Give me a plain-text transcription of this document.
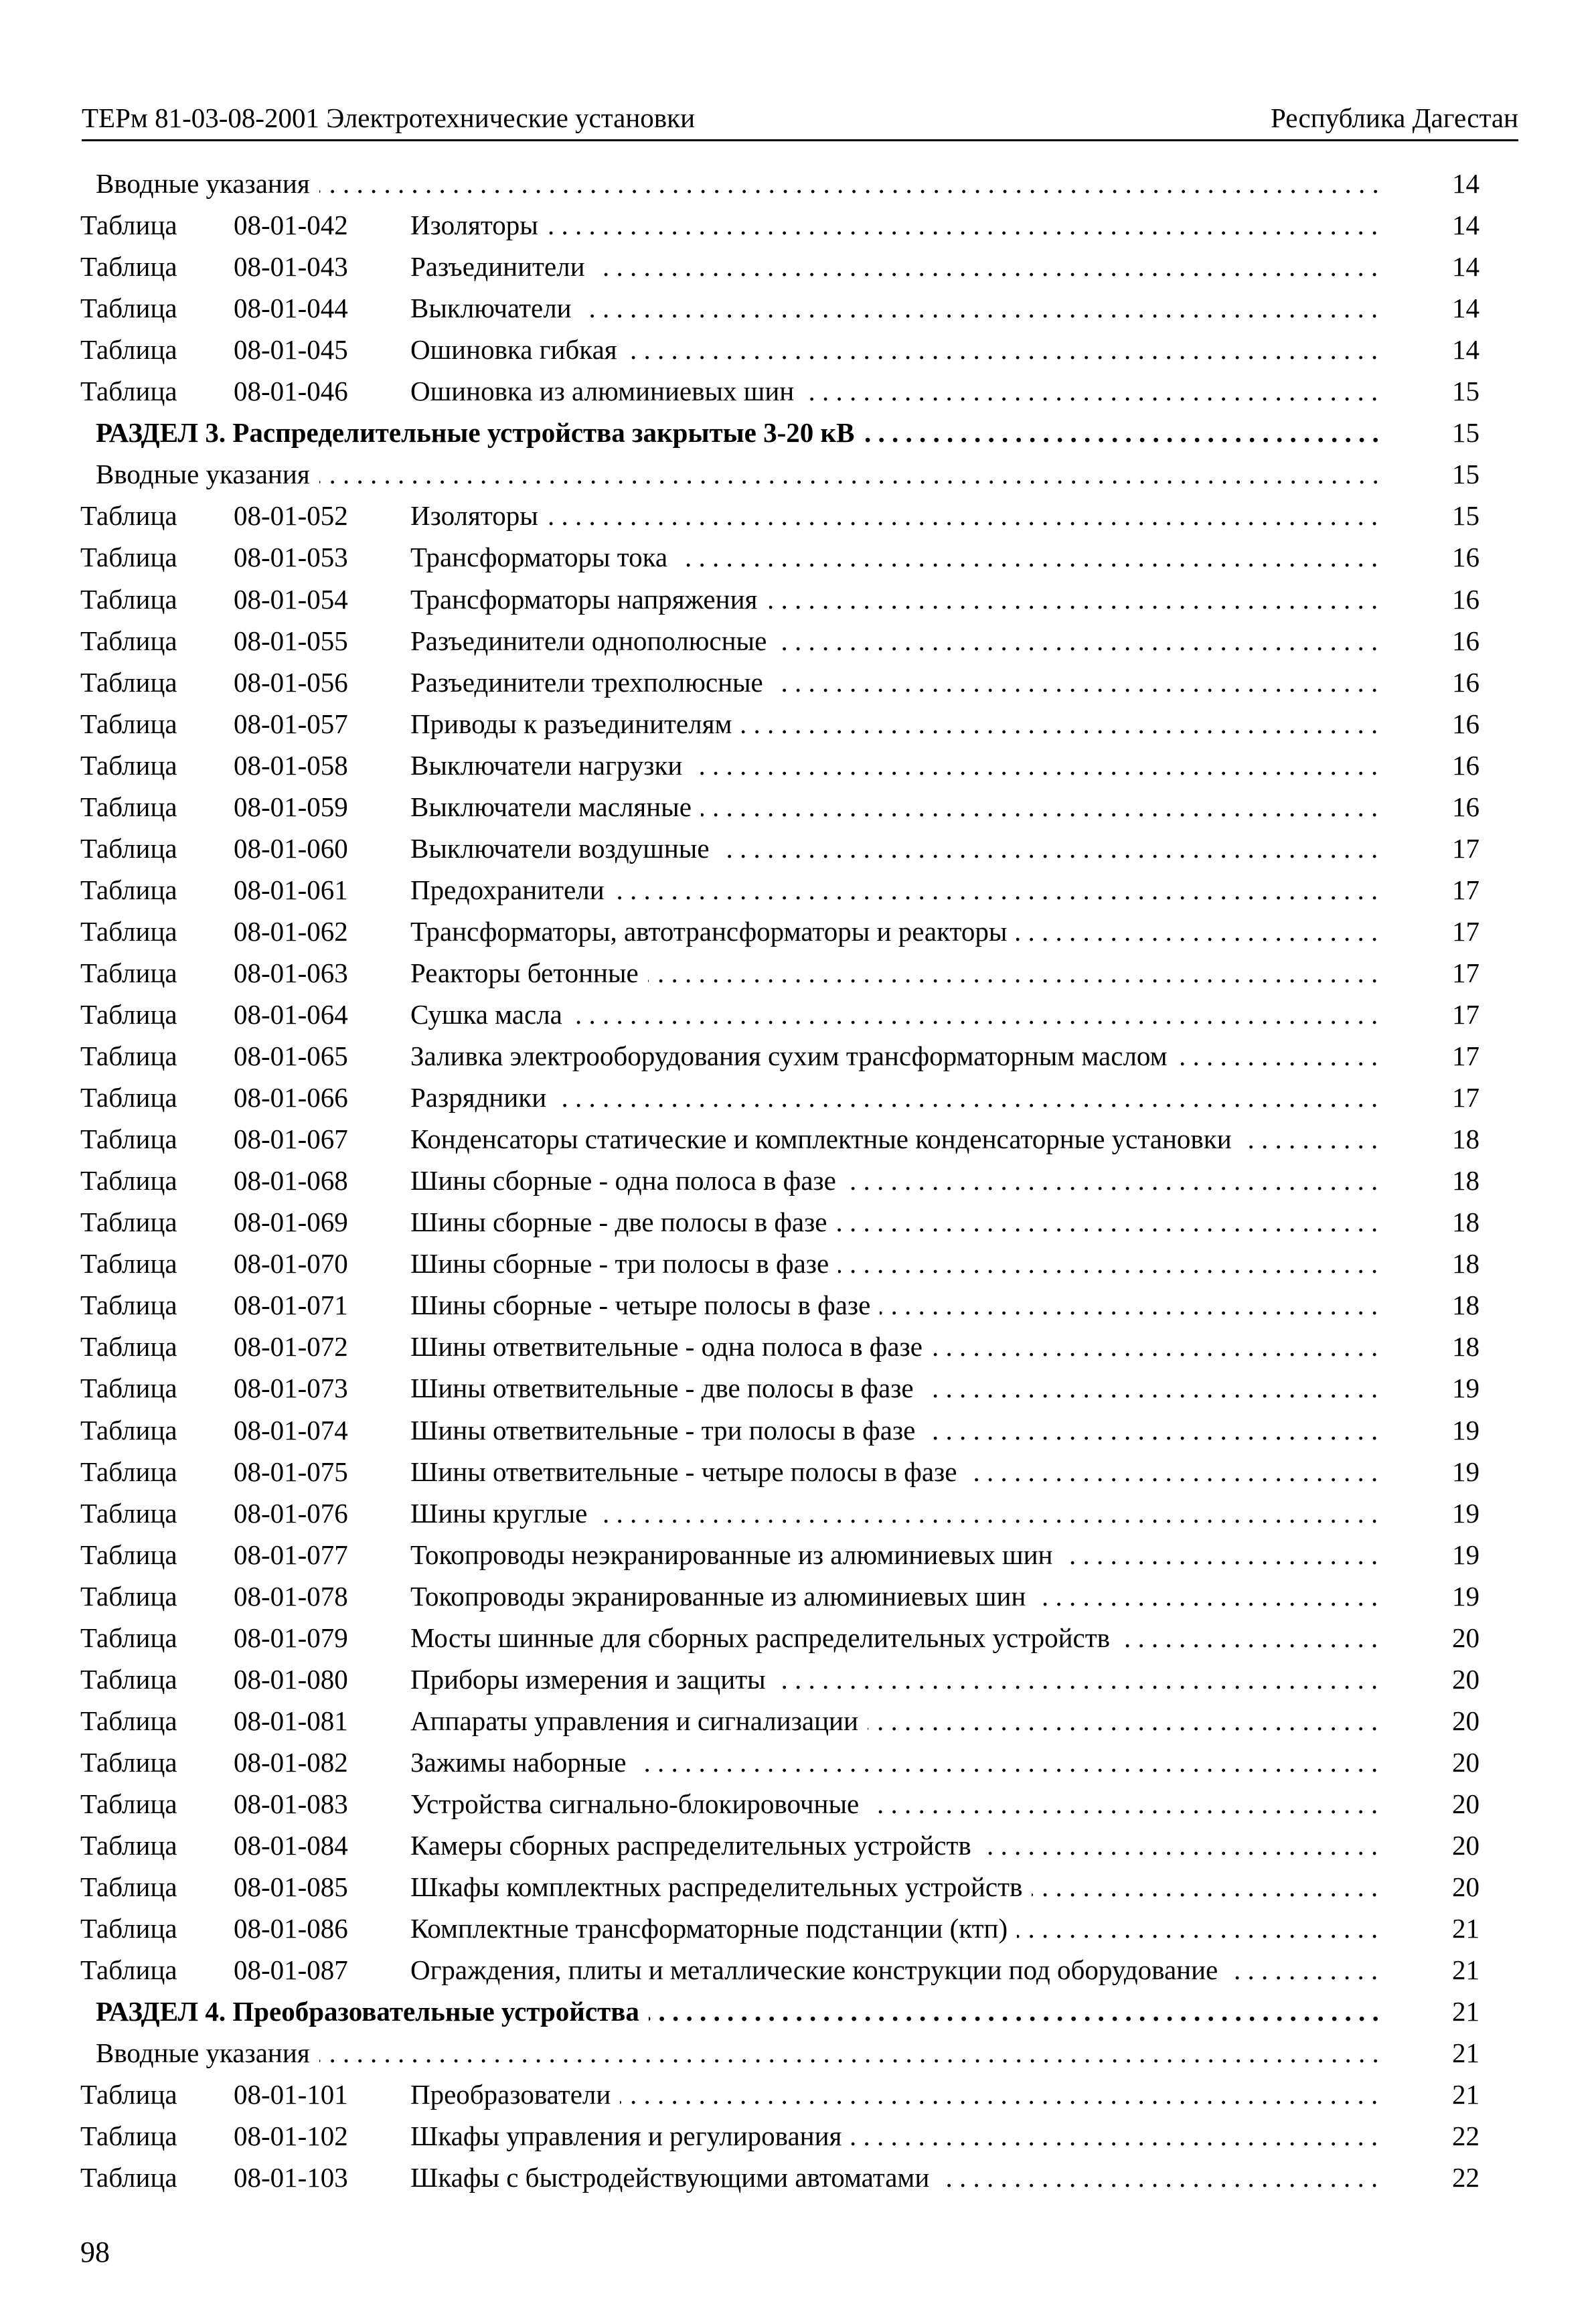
ТЕРм 81-03-08-2001 Электротехнические установки	Республика Дагестан
Вводные указания . . .	14
Таблица 08-01-042 Изоляторы . . .	14
Таблица 08-01-043 Разъединители . . .	14
Таблица 08-01-044 Выключатели . . .	14
Таблица 08-01-045 Ошиновка гибкая . . .	14
Таблица 08-01-046 Ошиновка из алюминиевых шин . . .	15
РАЗДЕЛ 3. Распределительные устройства закрытые 3-20 кВ . . .	15
Вводные указания . . .	15
Таблица 08-01-052 Изоляторы . . .	15
Таблица 08-01-053 Трансформаторы тока . . .	16
Таблица 08-01-054 Трансформаторы напряжения . . .	16
Таблица 08-01-055 Разъединители однополюсные . . .	16
Таблица 08-01-056 Разъединители трехполюсные . . .	16
Таблица 08-01-057 Приводы к разъединителям . . .	16
Таблица 08-01-058 Выключатели нагрузки . . .	16
Таблица 08-01-059 Выключатели масляные . . .	16
Таблица 08-01-060 Выключатели воздушные . . .	17
Таблица 08-01-061 Предохранители . . .	17
Таблица 08-01-062 Трансформаторы, автотрансформаторы и реакторы . . .	17
Таблица 08-01-063 Реакторы бетонные . . .	17
Таблица 08-01-064 Сушка масла . . .	17
Таблица 08-01-065 Заливка электрооборудования сухим трансформаторным маслом . . .	17
Таблица 08-01-066 Разрядники . . .	17
Таблица 08-01-067 Конденсаторы статические и комплектные конденсаторные установки . . .	18
Таблица 08-01-068 Шины сборные - одна полоса в фазе . . .	18
Таблица 08-01-069 Шины сборные - две полосы в фазе . . .	18
Таблица 08-01-070 Шины сборные - три полосы в фазе . . .	18
Таблица 08-01-071 Шины сборные - четыре полосы в фазе . . .	18
Таблица 08-01-072 Шины ответвительные - одна полоса в фазе . . .	18
Таблица 08-01-073 Шины ответвительные - две полосы в фазе . . .	19
Таблица 08-01-074 Шины ответвительные - три полосы в фазе . . .	19
Таблица 08-01-075 Шины ответвительные - четыре полосы в фазе . . .	19
Таблица 08-01-076 Шины круглые . . .	19
Таблица 08-01-077 Токопроводы неэкранированные из алюминиевых шин . . .	19
Таблица 08-01-078 Токопроводы экранированные из алюминиевых шин . . .	19
Таблица 08-01-079 Мосты шинные для сборных распределительных устройств . . .	20
Таблица 08-01-080 Приборы измерения и защиты . . .	20
Таблица 08-01-081 Аппараты управления и сигнализации . . .	20
Таблица 08-01-082 Зажимы наборные . . .	20
Таблица 08-01-083 Устройства сигнально-блокировочные . . .	20
Таблица 08-01-084 Камеры сборных распределительных устройств . . .	20
Таблица 08-01-085 Шкафы комплектных распределительных устройств . . .	20
Таблица 08-01-086 Комплектные трансформаторные подстанции (ктп) . . .	21
Таблица 08-01-087 Ограждения, плиты и металлические конструкции под оборудование . . .	21
РАЗДЕЛ 4. Преобразовательные устройства . . .	21
Вводные указания . . .	21
Таблица 08-01-101 Преобразователи . . .	21
Таблица 08-01-102 Шкафы управления и регулирования . . .	22
Таблица 08-01-103 Шкафы с быстродействующими автоматами . . .	22
98
